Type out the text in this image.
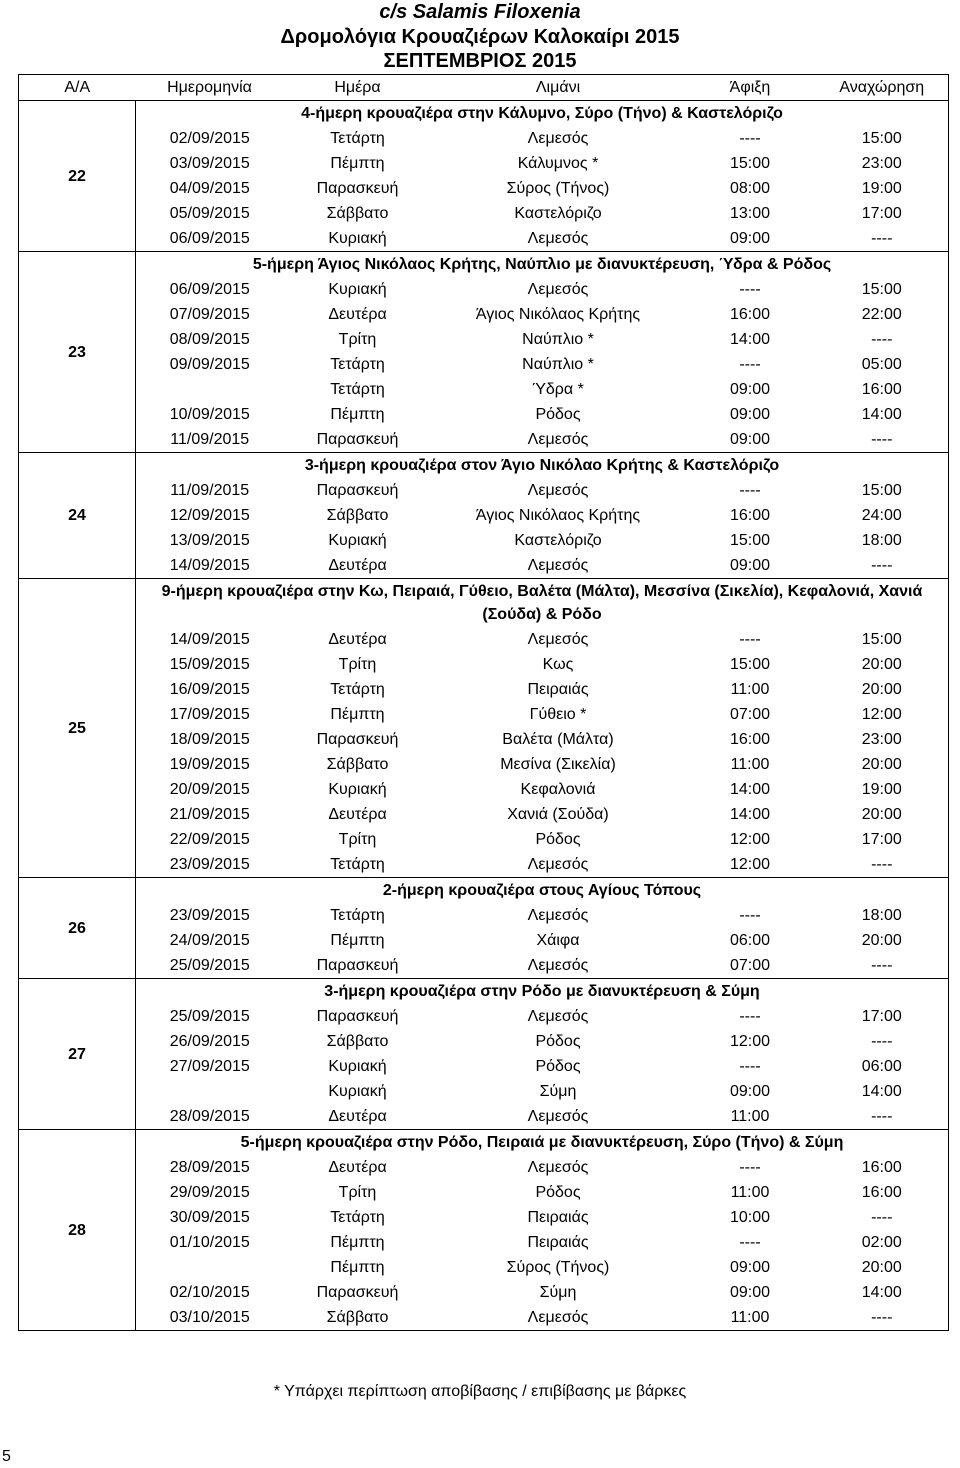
c/s Salamis Filoxenia
Δρομολόγια Κρουαζιέρων Καλοκαίρι 2015
ΣΕΠΤΕΜΒΡΙΟΣ 2015
Α/Α	Ημερομηνία	Ημέρα	Λιμάνι	Άφιξη	Αναχώρηση
22	4-ήμερη κρουαζιέρα στην Κάλυμνο, Σύρο (Τήνο) & Καστελόριζο				
	02/09/2015	Τετάρτη	Λεμεσός	----	15:00
	03/09/2015	Πέμπτη	Κάλυμνος *	15:00	23:00
	04/09/2015	Παρασκευή	Σύρος (Τήνος)	08:00	19:00
	05/09/2015	Σάββατο	Καστελόριζο	13:00	17:00
	06/09/2015	Κυριακή	Λεμεσός	09:00	----
23	5-ήμερη Άγιος Νικόλαος Κρήτης, Ναύπλιο με διανυκτέρευση, Ύδρα & Ρόδος				
	06/09/2015	Κυριακή	Λεμεσός	----	15:00
	07/09/2015	Δευτέρα	Άγιος Νικόλαος Κρήτης	16:00	22:00
	08/09/2015	Τρίτη	Ναύπλιο *	14:00	----
	09/09/2015	Τετάρτη	Ναύπλιο *	----	05:00
		Τετάρτη	Ύδρα *	09:00	16:00
	10/09/2015	Πέμπτη	Ρόδος	09:00	14:00
	11/09/2015	Παρασκευή	Λεμεσός	09:00	----
24	3-ήμερη κρουαζιέρα στον Άγιο Νικόλαο Κρήτης & Καστελόριζο				
	11/09/2015	Παρασκευή	Λεμεσός	----	15:00
	12/09/2015	Σάββατο	Άγιος Νικόλαος Κρήτης	16:00	24:00
	13/09/2015	Κυριακή	Καστελόριζο	15:00	18:00
	14/09/2015	Δευτέρα	Λεμεσός	09:00	----
25	9-ήμερη κρουαζιέρα στην Κω, Πειραιά, Γύθειο, Βαλέτα (Μάλτα), Μεσσίνα (Σικελία), Κεφαλονιά, Χανιά (Σούδα) & Ρόδο				
	14/09/2015	Δευτέρα	Λεμεσός	----	15:00
	15/09/2015	Τρίτη	Κως	15:00	20:00
	16/09/2015	Τετάρτη	Πειραιάς	11:00	20:00
	17/09/2015	Πέμπτη	Γύθειο *	07:00	12:00
	18/09/2015	Παρασκευή	Βαλέτα (Μάλτα)	16:00	23:00
	19/09/2015	Σάββατο	Μεσίνα (Σικελία)	11:00	20:00
	20/09/2015	Κυριακή	Κεφαλονιά	14:00	19:00
	21/09/2015	Δευτέρα	Χανιά (Σούδα)	14:00	20:00
	22/09/2015	Τρίτη	Ρόδος	12:00	17:00
	23/09/2015	Τετάρτη	Λεμεσός	12:00	----
26	2-ήμερη κρουαζιέρα στους Αγίους Τόπους				
	23/09/2015	Τετάρτη	Λεμεσός	----	18:00
	24/09/2015	Πέμπτη	Χάιφα	06:00	20:00
	25/09/2015	Παρασκευή	Λεμεσός	07:00	----
27	3-ήμερη κρουαζιέρα στην Ρόδο με διανυκτέρευση & Σύμη				
	25/09/2015	Παρασκευή	Λεμεσός	----	17:00
	26/09/2015	Σάββατο	Ρόδος	12:00	----
	27/09/2015	Κυριακή	Ρόδος	----	06:00
		Κυριακή	Σύμη	09:00	14:00
	28/09/2015	Δευτέρα	Λεμεσός	11:00	----
28	5-ήμερη κρουαζιέρα στην Ρόδο, Πειραιά με διανυκτέρευση, Σύρο (Τήνο) & Σύμη				
	28/09/2015	Δευτέρα	Λεμεσός	----	16:00
	29/09/2015	Τρίτη	Ρόδος	11:00	16:00
	30/09/2015	Τετάρτη	Πειραιάς	10:00	----
	01/10/2015	Πέμπτη	Πειραιάς	----	02:00
		Πέμπτη	Σύρος (Τήνος)	09:00	20:00
	02/10/2015	Παρασκευή	Σύμη	09:00	14:00
	03/10/2015	Σάββατο	Λεμεσός	11:00	----
* Υπάρχει περίπτωση αποβίβασης / επιβίβασης με βάρκες
5
